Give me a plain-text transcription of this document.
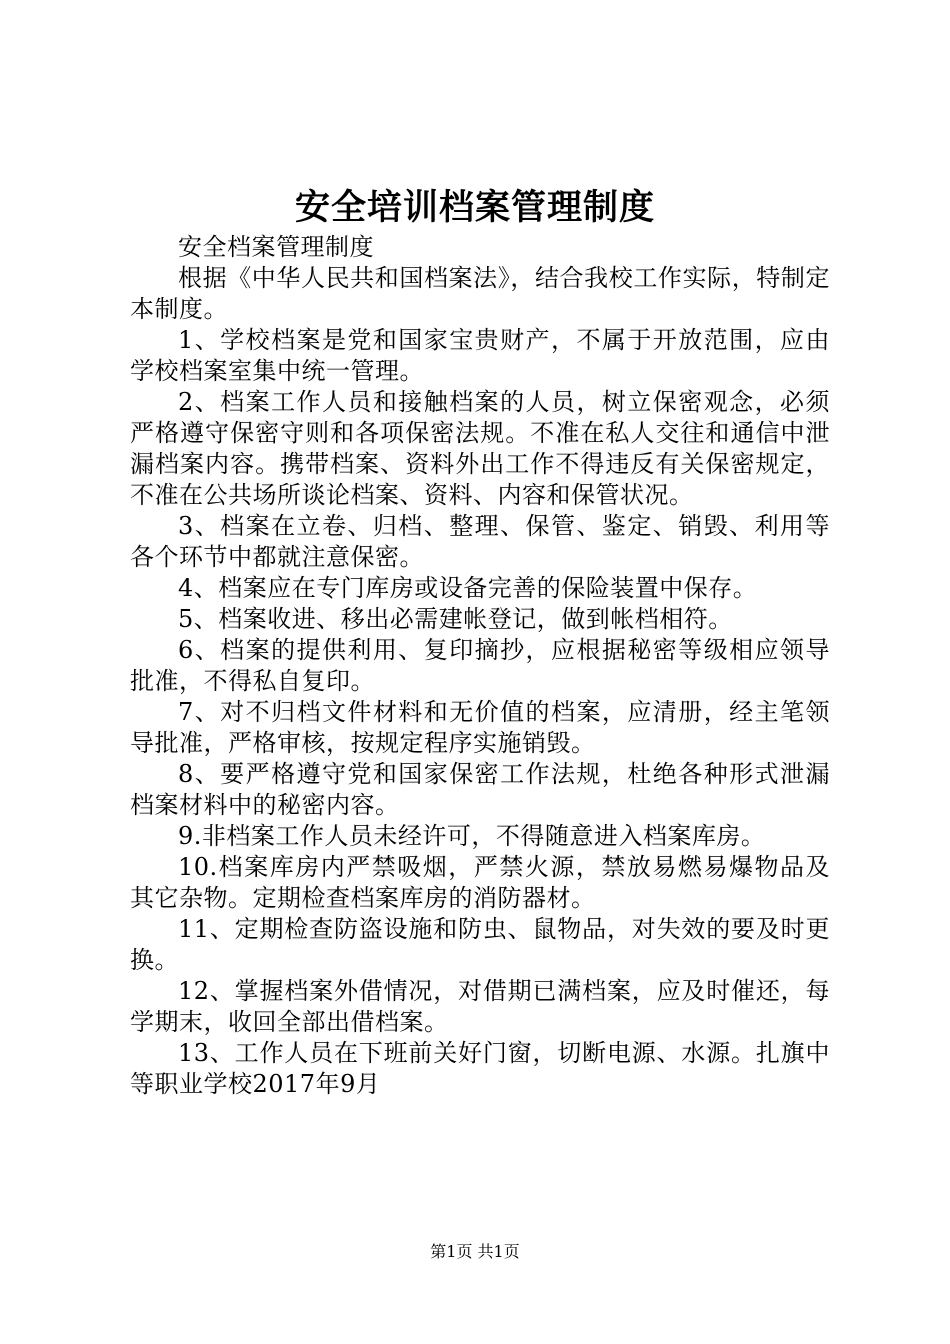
安全培训档案管理制度

安全档案管理制度

根据《中华人民共和国档案法》，结合我校工作实际，特制定本制度。

1、学校档案是党和国家宝贵财产，不属于开放范围，应由学校档案室集中统一管理。

2、档案工作人员和接触档案的人员，树立保密观念，必须严格遵守保密守则和各项保密法规。不准在私人交往和通信中泄漏档案内容。携带档案、资料外出工作不得违反有关保密规定，不准在公共场所谈论档案、资料、内容和保管状况。

3、档案在立卷、归档、整理、保管、鉴定、销毁、利用等各个环节中都就注意保密。

4、档案应在专门库房或设备完善的保险装置中保存。

5、档案收进、移出必需建帐登记，做到帐档相符。

6、档案的提供利用、复印摘抄，应根据秘密等级相应领导批准，不得私自复印。

7、对不归档文件材料和无价值的档案，应清册，经主笔领导批准，严格审核，按规定程序实施销毁。

8、要严格遵守党和国家保密工作法规，杜绝各种形式泄漏档案材料中的秘密内容。

9.非档案工作人员未经许可，不得随意进入档案库房。

10.档案库房内严禁吸烟，严禁火源，禁放易燃易爆物品及其它杂物。定期检查档案库房的消防器材。

11、定期检查防盗设施和防虫、鼠物品，对失效的要及时更换。

12、掌握档案外借情况，对借期已满档案，应及时催还，每学期末，收回全部出借档案。

13、工作人员在下班前关好门窗，切断电源、水源。扎旗中等职业学校2017年9月

第1页 共1页
